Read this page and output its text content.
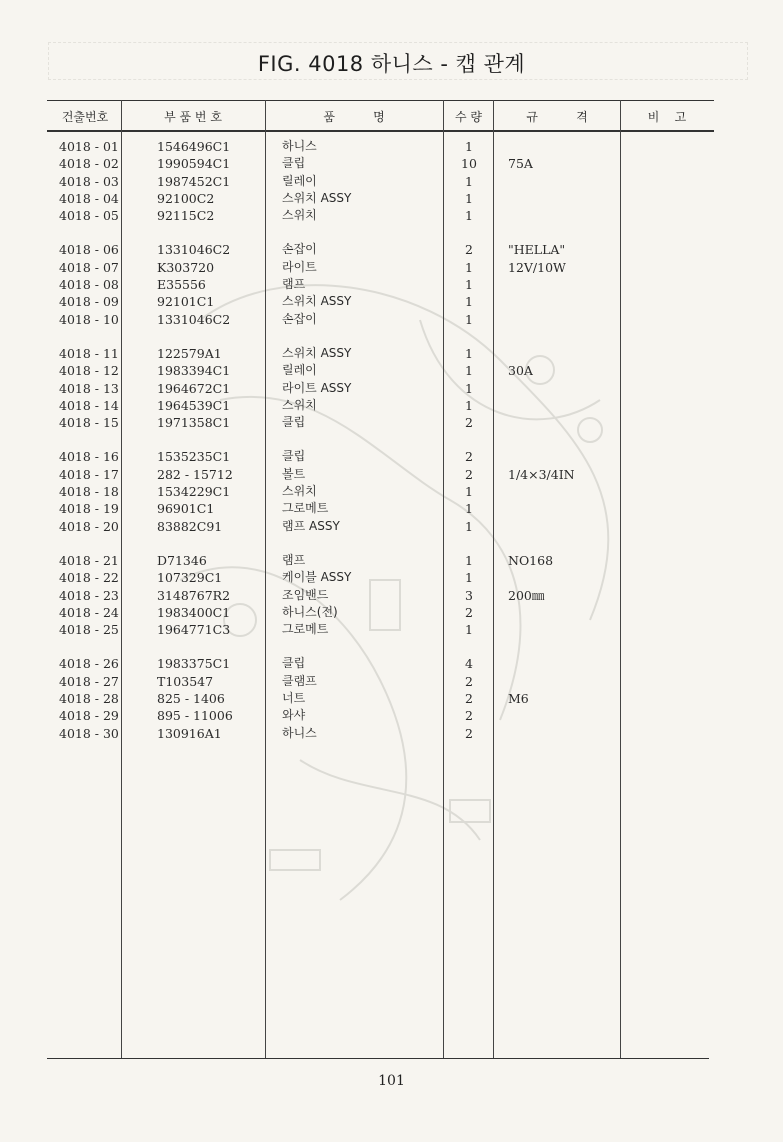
FIG. 4018 하니스 - 캡 관계
건출번호	부 품 번 호	품          명	수 량	규          격	비    고
4018 - 01	1546496C1	하니스	1
4018 - 02	1990594C1	클립	10	75A
4018 - 03	1987452C1	릴레이	1
4018 - 04	92100C2	스위치 ASSY	1
4018 - 05	92115C2	스위치	1
4018 - 06	1331046C2	손잡이	2	"HELLA"
4018 - 07	K303720	라이트	1	12V/10W
4018 - 08	E35556	램프	1
4018 - 09	92101C1	스위치 ASSY	1
4018 - 10	1331046C2	손잡이	1
4018 - 11	122579A1	스위치 ASSY	1
4018 - 12	1983394C1	릴레이	1	30A
4018 - 13	1964672C1	라이트 ASSY	1
4018 - 14	1964539C1	스위치	1
4018 - 15	1971358C1	클립	2
4018 - 16	1535235C1	클립	2
4018 - 17	282 - 15712	볼트	2	1/4×3/4IN
4018 - 18	1534229C1	스위치	1
4018 - 19	96901C1	그로메트	1
4018 - 20	83882C91	램프 ASSY	1
4018 - 21	D71346	램프	1	NO168
4018 - 22	107329C1	케이블 ASSY	1
4018 - 23	3148767R2	조임밴드	3	200㎜
4018 - 24	1983400C1	하니스(전)	2
4018 - 25	1964771C3	그로메트	1
4018 - 26	1983375C1	클립	4
4018 - 27	T103547	클램프	2
4018 - 28	825 - 1406	너트	2	M6
4018 - 29	895 - 11006	와샤	2
4018 - 30	130916A1	하니스	2
101
